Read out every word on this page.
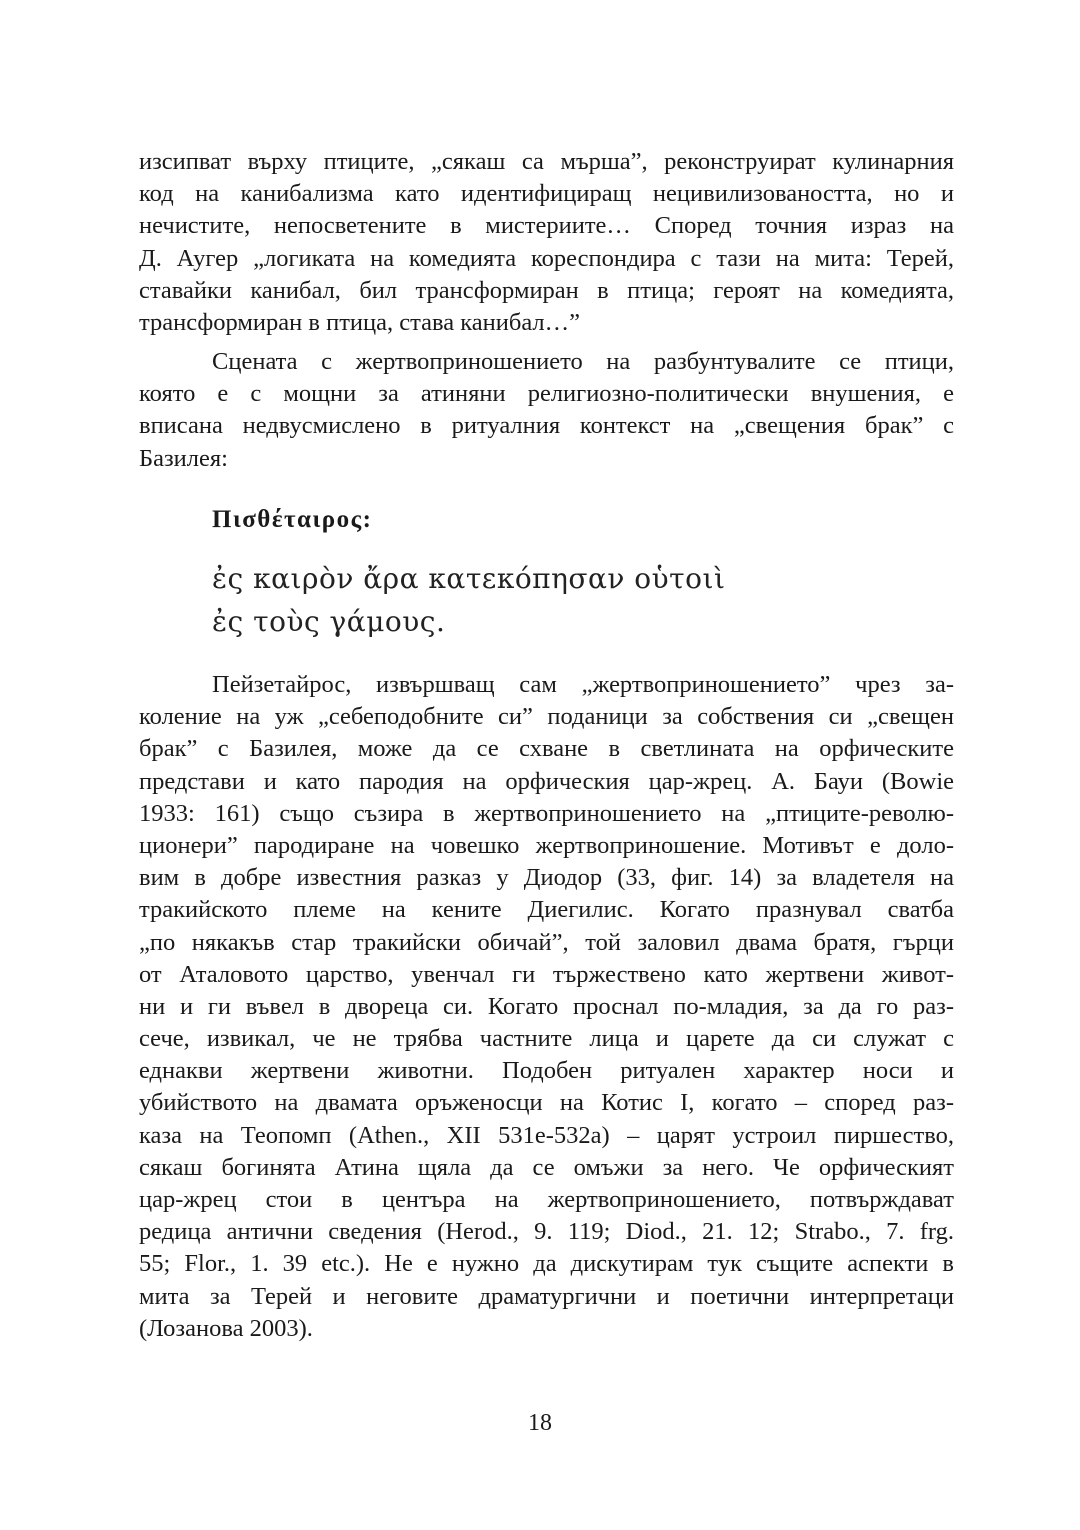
изсипват върху птиците, „сякаш са мърша”, реконструират кулинарния
код на канибализма като идентифициращ нецивилизоваността, но и
нечистите, непосветените в мистериите… Според точния израз на
Д. Аугер „логиката на комедията кореспондира с тази на мита: Терей,
ставайки канибал, бил трансформиран в птица; героят на комедията,
трансформиран в птица, става канибал…”
Сцената с жертвоприношението на разбунтувалите се птици,
която е с мощни за атиняни религиозно-политически внушения, е
вписана недвусмислено в ритуалния контекст на „свещения брак” с
Базилея:
Πισθέταιρος:
ἐς καιρὸν ἄρα κατεκόπησαν οὑτοιὶ
ἐς τοὺς γάμους.
Пейзетайрос, извършващ сам „жертвоприношението” чрез за-
коление на уж „себеподобните си” поданици за собствения си „свещен
брак” с Базилея, може да се схване в светлината на орфическите
представи и като пародия на орфическия цар-жрец. А. Бауи (Bowie
1933: 161) също съзира в жертвоприношението на „птиците-револю-
ционери” пародиране на човешко жертвоприношение. Мотивът е доло-
вим в добре известния разказ у Диодор (33, фиг. 14) за владетеля на
тракийското племе на кените Диегилис. Когато празнувал сватба
„по някакъв стар тракийски обичай”, той заловил двама братя, гърци
от Аталовото царство, увенчал ги тържествено като жертвени живот-
ни и ги въвел в двореца си. Когато проснал по-младия, за да го раз-
сече, извикал, че не трябва частните лица и царете да си служат с
еднакви жертвени животни. Подобен ритуален характер носи и
убийството на двамата оръженосци на Котис I, когато – според раз-
каза на Теопомп (Athen., XII 531e-532a) – царят устроил пиршество,
сякаш богинята Атина щяла да се омъжи за него. Че орфическият
цар-жрец стои в центъра на жертвоприношението, потвърждават
редица антични сведения (Herod., 9. 119; Diod., 21. 12; Strabo., 7. frg.
55; Flor., 1. 39 etc.). Не е нужно да дискутирам тук същите аспекти в
мита за Терей и неговите драматургични и поетични интерпретаци
(Лозанова 2003).
18
